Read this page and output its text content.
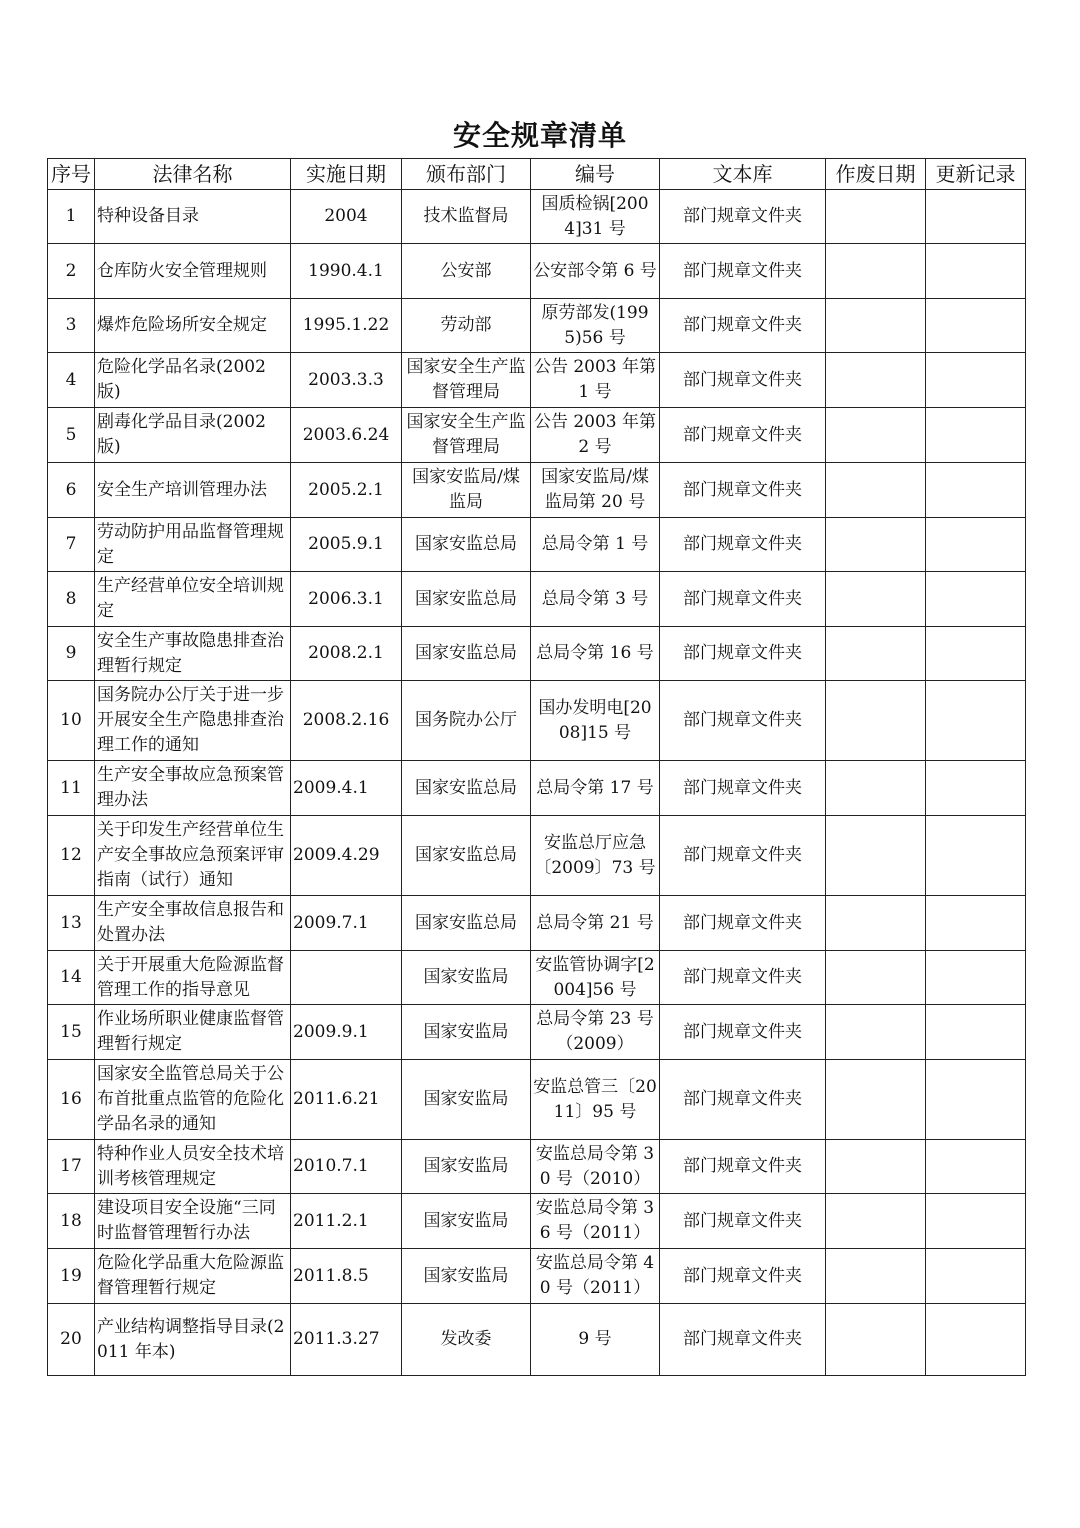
安全规章清单
序号	法律名称	实施日期	颁布部门	编号	文本库	作废日期	更新记录
1	特种设备目录	2004	技术监督局	国质检锅[2004]31 号	部门规章文件夹		
2	仓库防火安全管理规则	1990.4.1	公安部	公安部令第 6 号	部门规章文件夹		
3	爆炸危险场所安全规定	1995.1.22	劳动部	原劳部发(1995)56 号	部门规章文件夹		
4	危险化学品名录(2002 版)	2003.3.3	国家安全生产监督管理局	公告 2003 年第 1 号	部门规章文件夹		
5	剧毒化学品目录(2002 版)	2003.6.24	国家安全生产监督管理局	公告 2003 年第 2 号	部门规章文件夹		
6	安全生产培训管理办法	2005.2.1	国家安监局/煤监局	国家安监局/煤监局第 20 号	部门规章文件夹		
7	劳动防护用品监督管理规定	2005.9.1	国家安监总局	总局令第 1 号	部门规章文件夹		
8	生产经营单位安全培训规定	2006.3.1	国家安监总局	总局令第 3 号	部门规章文件夹		
9	安全生产事故隐患排查治理暂行规定	2008.2.1	国家安监总局	总局令第 16 号	部门规章文件夹		
10	国务院办公厅关于进一步开展安全生产隐患排查治理工作的通知	2008.2.16	国务院办公厅	国办发明电[2008]15 号	部门规章文件夹		
11	生产安全事故应急预案管理办法	2009.4.1	国家安监总局	总局令第 17 号	部门规章文件夹		
12	关于印发生产经营单位生产安全事故应急预案评审指南（试行）通知	2009.4.29	国家安监总局	安监总厅应急〔2009〕73 号	部门规章文件夹		
13	生产安全事故信息报告和处置办法	2009.7.1	国家安监总局	总局令第 21 号	部门规章文件夹		
14	关于开展重大危险源监督管理工作的指导意见		国家安监局	安监管协调字[2004]56 号	部门规章文件夹		
15	作业场所职业健康监督管理暂行规定	2009.9.1	国家安监局	总局令第 23 号（2009）	部门规章文件夹		
16	国家安全监管总局关于公布首批重点监管的危险化学品名录的通知	2011.6.21	国家安监局	安监总管三〔2011〕95 号	部门规章文件夹		
17	特种作业人员安全技术培训考核管理规定	2010.7.1	国家安监局	安监总局令第 30 号（2010）	部门规章文件夹		
18	建设项目安全设施“三同时监督管理暂行办法	2011.2.1	国家安监局	安监总局令第 36 号（2011）	部门规章文件夹		
19	危险化学品重大危险源监督管理暂行规定	2011.8.5	国家安监局	安监总局令第 40 号（2011）	部门规章文件夹		
20	产业结构调整指导目录(2011 年本)	2011.3.27	发改委	9 号	部门规章文件夹		
